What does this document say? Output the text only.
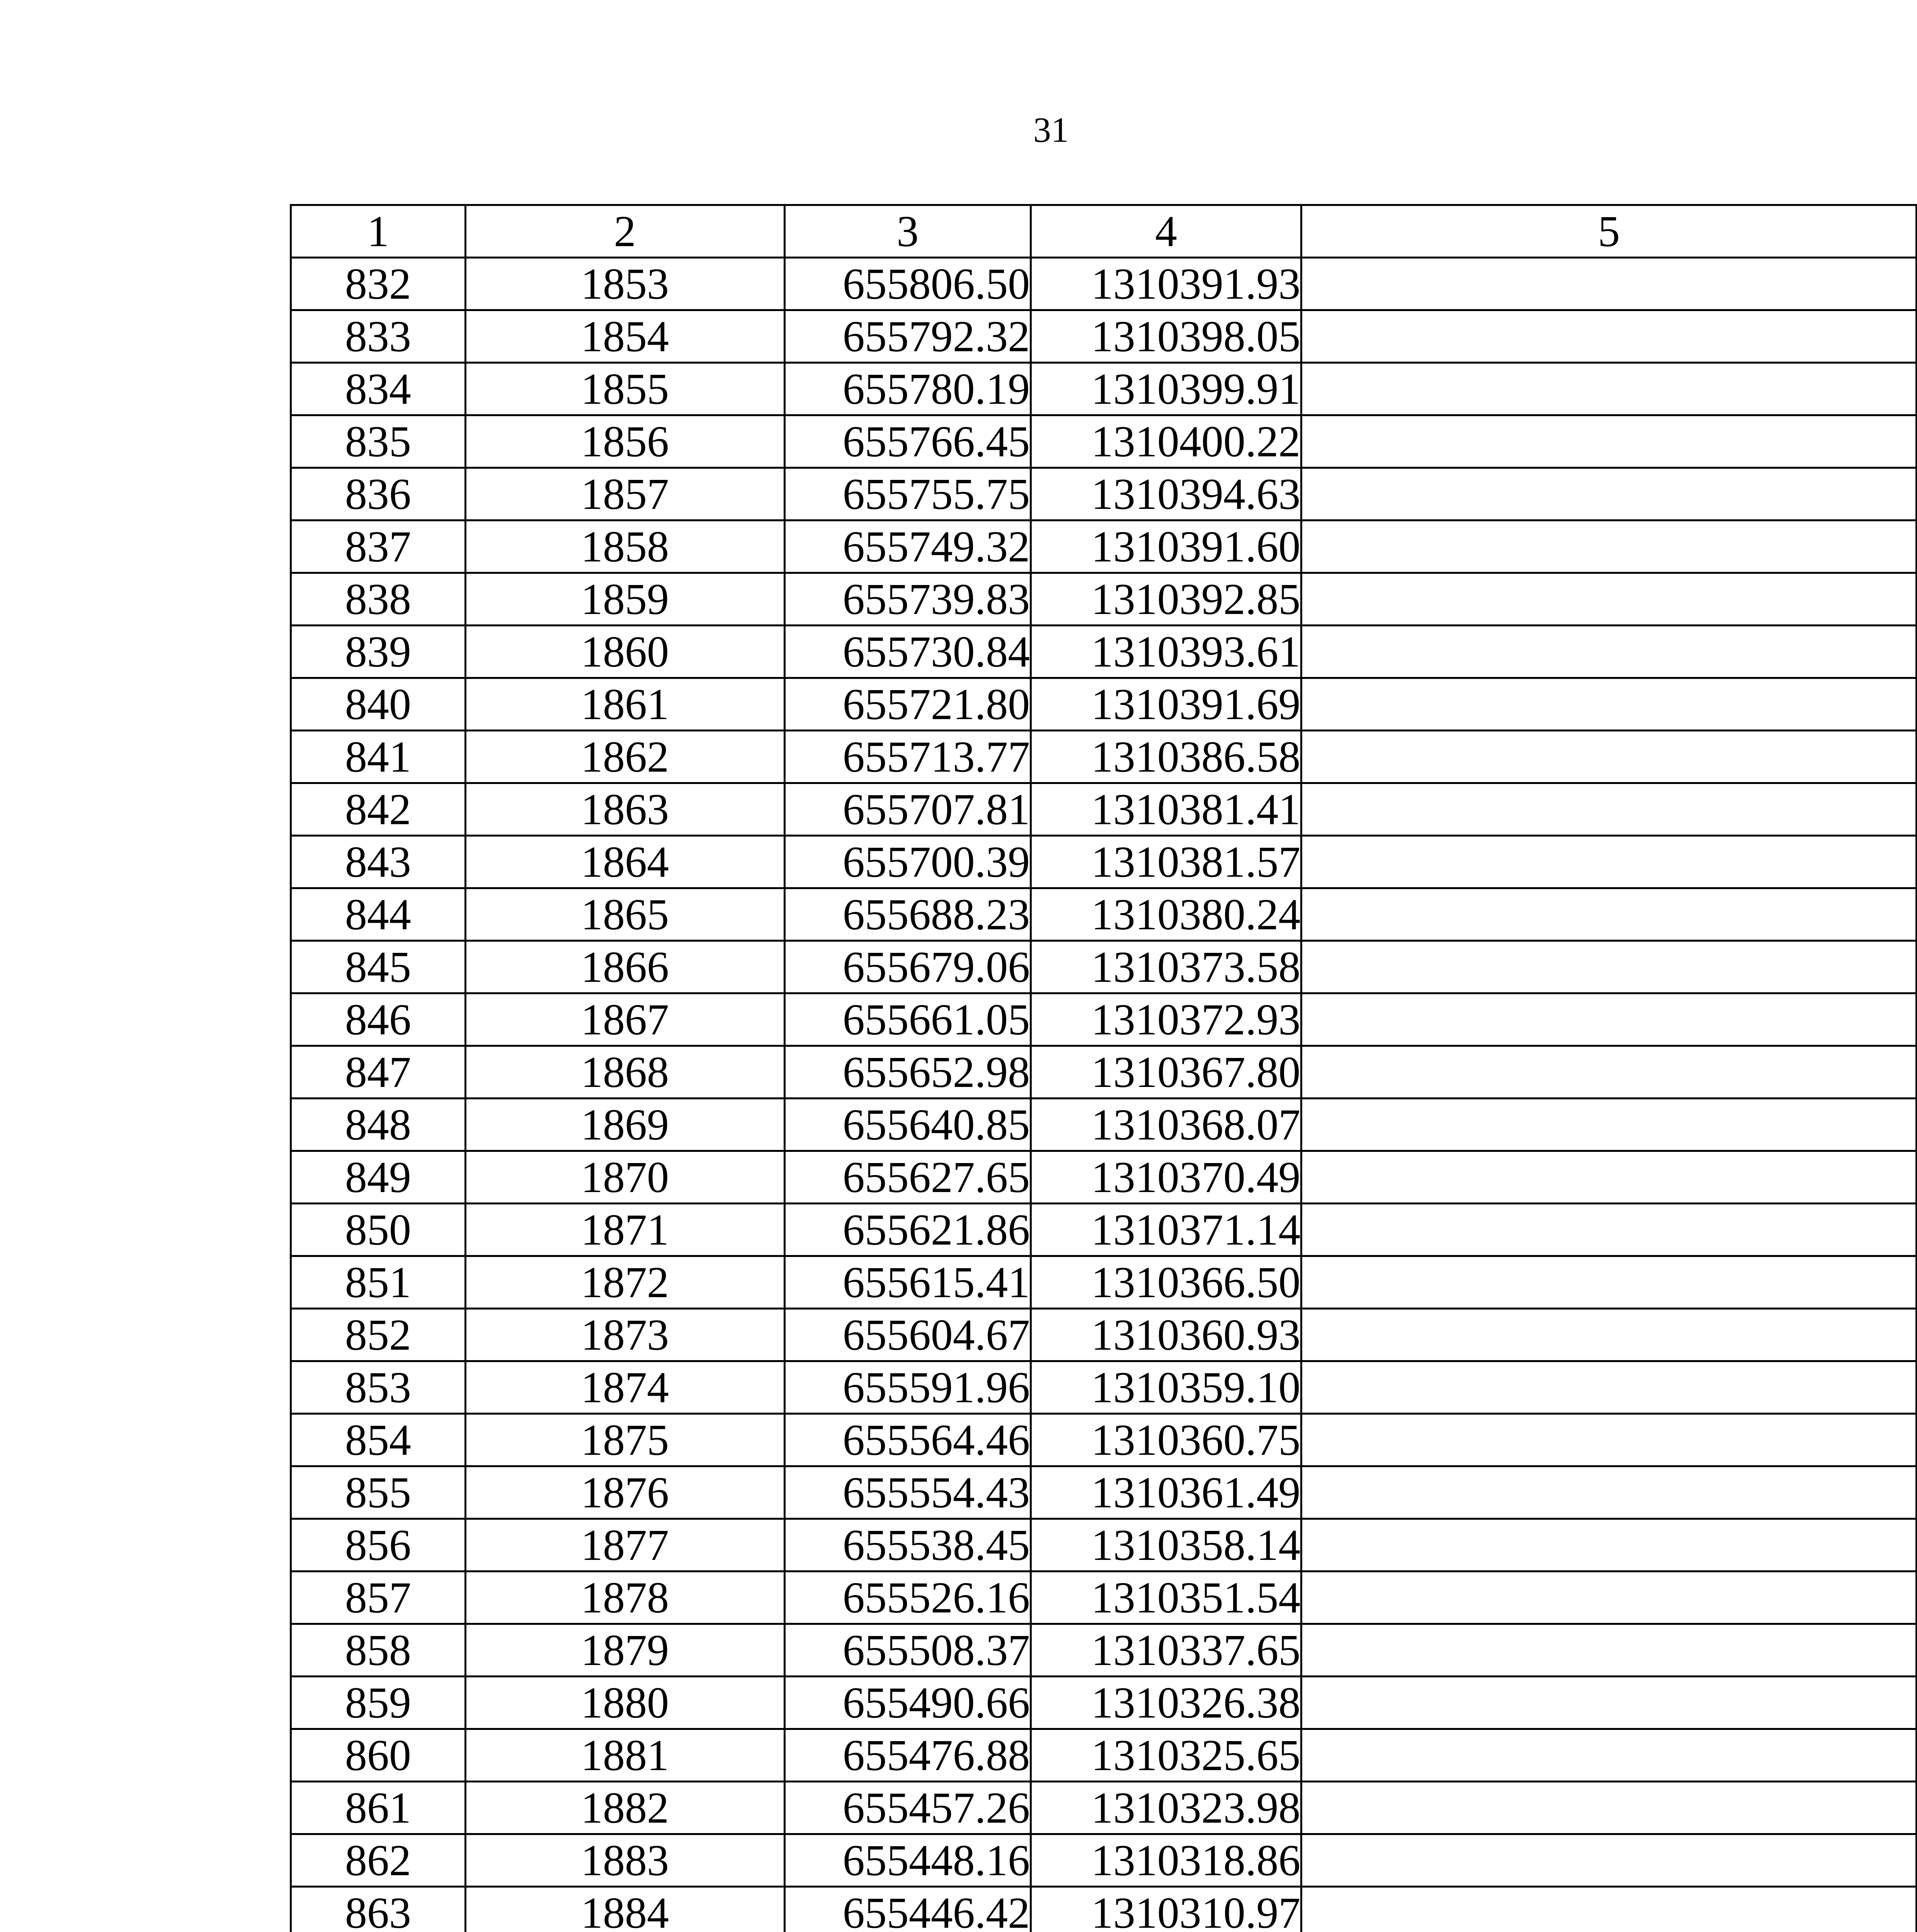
31
1	2	3	4	5
832	1853	655806.50	1310391.93	
833	1854	655792.32	1310398.05	
834	1855	655780.19	1310399.91	
835	1856	655766.45	1310400.22	
836	1857	655755.75	1310394.63	
837	1858	655749.32	1310391.60	
838	1859	655739.83	1310392.85	
839	1860	655730.84	1310393.61	
840	1861	655721.80	1310391.69	
841	1862	655713.77	1310386.58	
842	1863	655707.81	1310381.41	
843	1864	655700.39	1310381.57	
844	1865	655688.23	1310380.24	
845	1866	655679.06	1310373.58	
846	1867	655661.05	1310372.93	
847	1868	655652.98	1310367.80	
848	1869	655640.85	1310368.07	
849	1870	655627.65	1310370.49	
850	1871	655621.86	1310371.14	
851	1872	655615.41	1310366.50	
852	1873	655604.67	1310360.93	
853	1874	655591.96	1310359.10	
854	1875	655564.46	1310360.75	
855	1876	655554.43	1310361.49	
856	1877	655538.45	1310358.14	
857	1878	655526.16	1310351.54	
858	1879	655508.37	1310337.65	
859	1880	655490.66	1310326.38	
860	1881	655476.88	1310325.65	
861	1882	655457.26	1310323.98	
862	1883	655448.16	1310318.86	
863	1884	655446.42	1310310.97	
